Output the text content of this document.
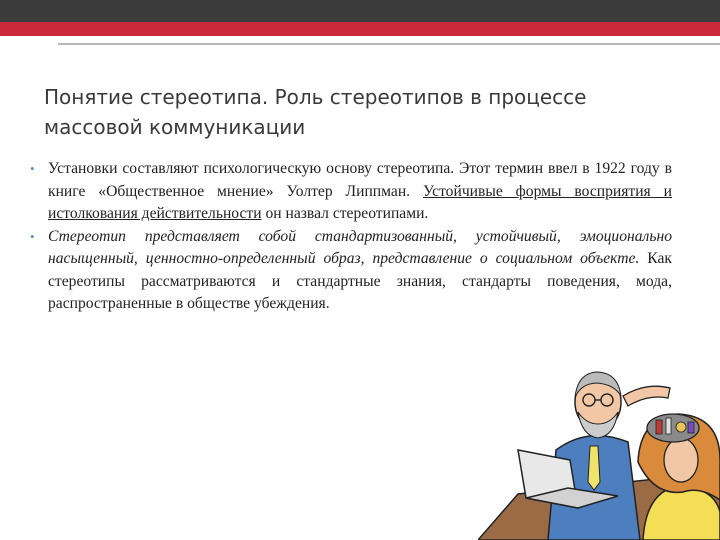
Понятие стереотипа. Роль стереотипов в процессе массовой коммуникации
• Установки составляют психологическую основу стереотипа. Этот термин ввел в 1922 году в книге «Общественное мнение» Уолтер Липпман. Устойчивые формы восприятия и истолкования действительности он назвал стереотипами.
• Стереотип представляет собой стандартизованный, устойчивый, эмоционально насыщенный, ценностно-определенный образ, представление о социальном объекте. Как стереотипы рассматриваются и стандартные знания, стандарты поведения, мода, распространенные в обществе убеждения.
